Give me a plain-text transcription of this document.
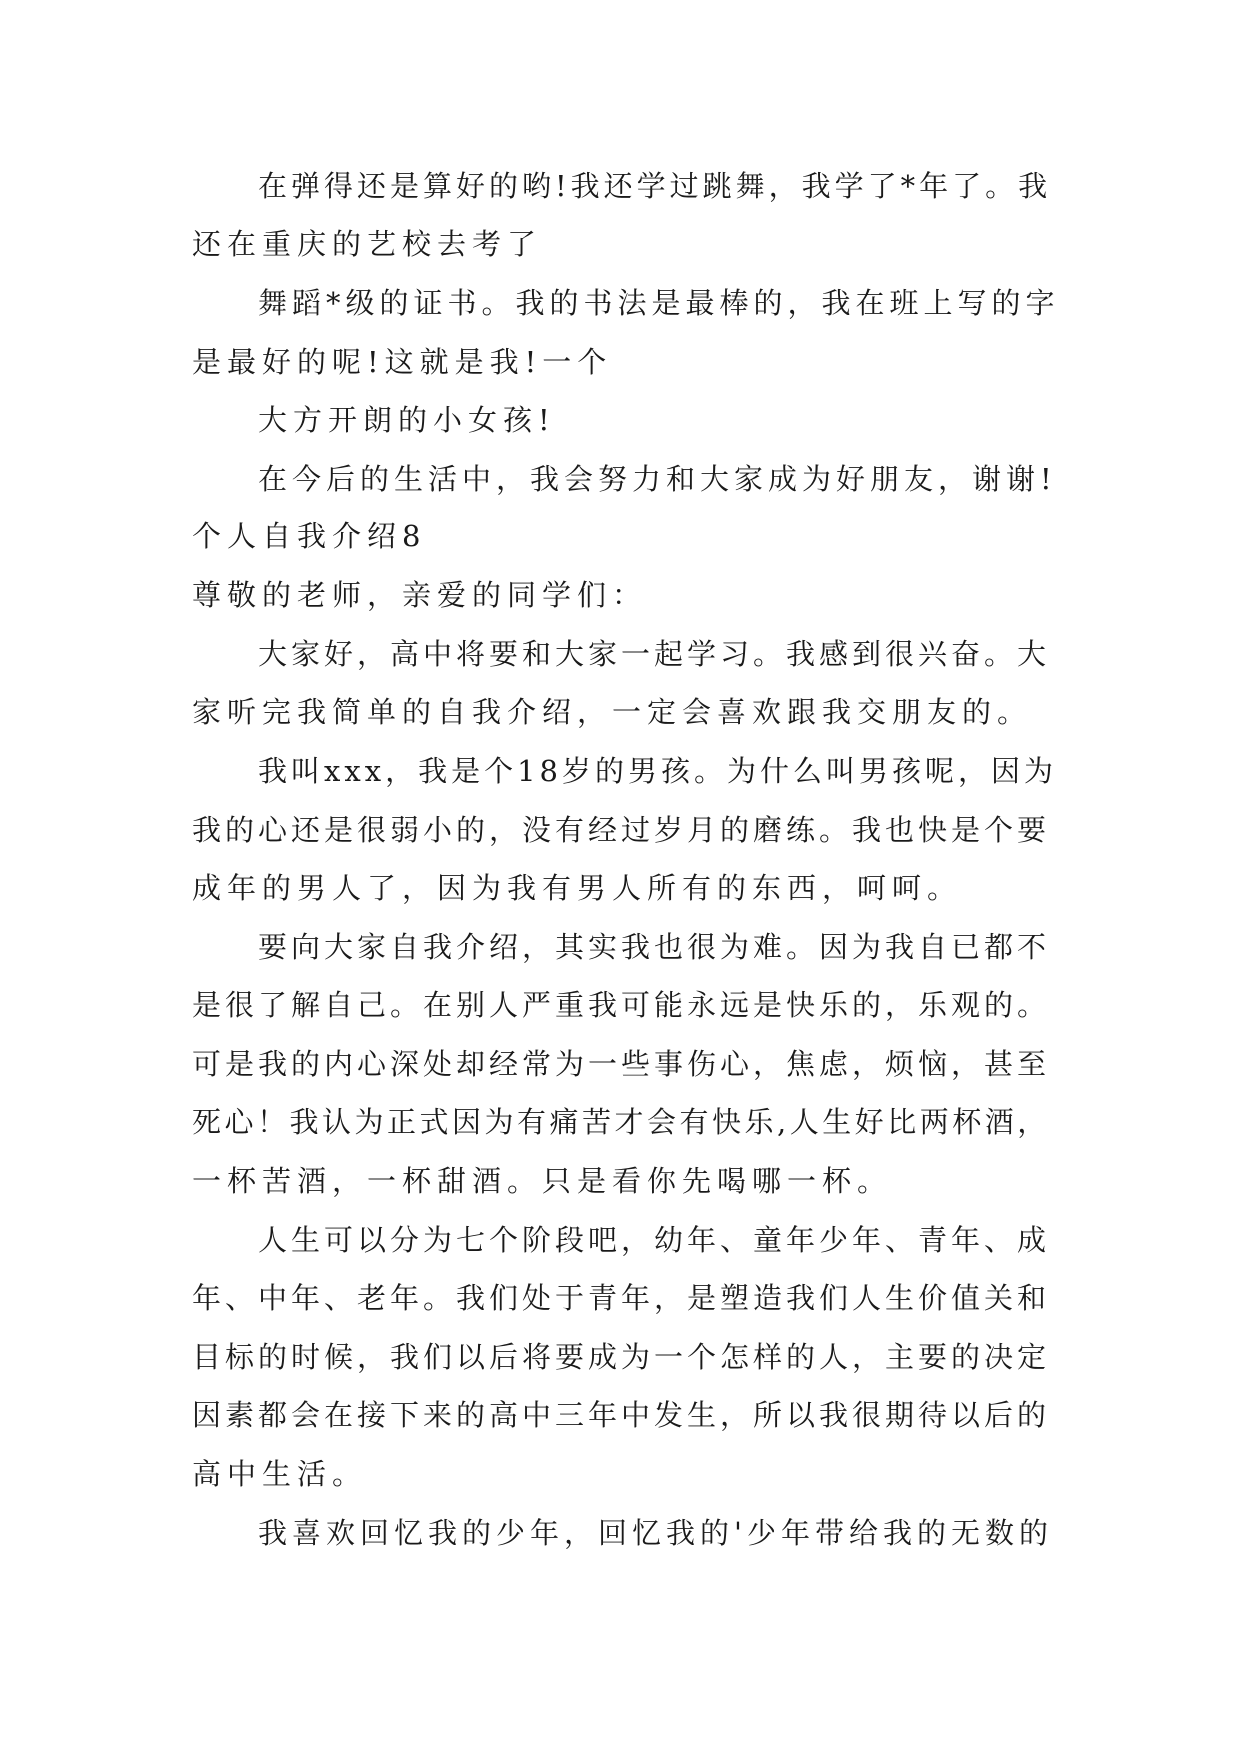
在弹得还是算好的哟!我还学过跳舞，我学了*年了。我
还在重庆的艺校去考了
舞蹈*级的证书。我的书法是最棒的，我在班上写的字
是最好的呢!这就是我!一个
大方开朗的小女孩!
在今后的生活中，我会努力和大家成为好朋友，谢谢!
个人自我介绍8
尊敬的老师，亲爱的同学们：
大家好，高中将要和大家一起学习。我感到很兴奋。大
家听完我简单的自我介绍，一定会喜欢跟我交朋友的。
我叫xxx，我是个18岁的男孩。为什么叫男孩呢，因为
我的心还是很弱小的，没有经过岁月的磨练。我也快是个要
成年的男人了，因为我有男人所有的东西，呵呵。
要向大家自我介绍，其实我也很为难。因为我自已都不
是很了解自己。在别人严重我可能永远是快乐的，乐观的。
可是我的内心深处却经常为一些事伤心，焦虑，烦恼，甚至
死心！我认为正式因为有痛苦才会有快乐,人生好比两杯酒，
一杯苦酒，一杯甜酒。只是看你先喝哪一杯。
人生可以分为七个阶段吧，幼年、童年少年、青年、成
年、中年、老年。我们处于青年，是塑造我们人生价值关和
目标的时候，我们以后将要成为一个怎样的人，主要的决定
因素都会在接下来的高中三年中发生，所以我很期待以后的
高中生活。
我喜欢回忆我的少年，回忆我的'少年带给我的无数的
